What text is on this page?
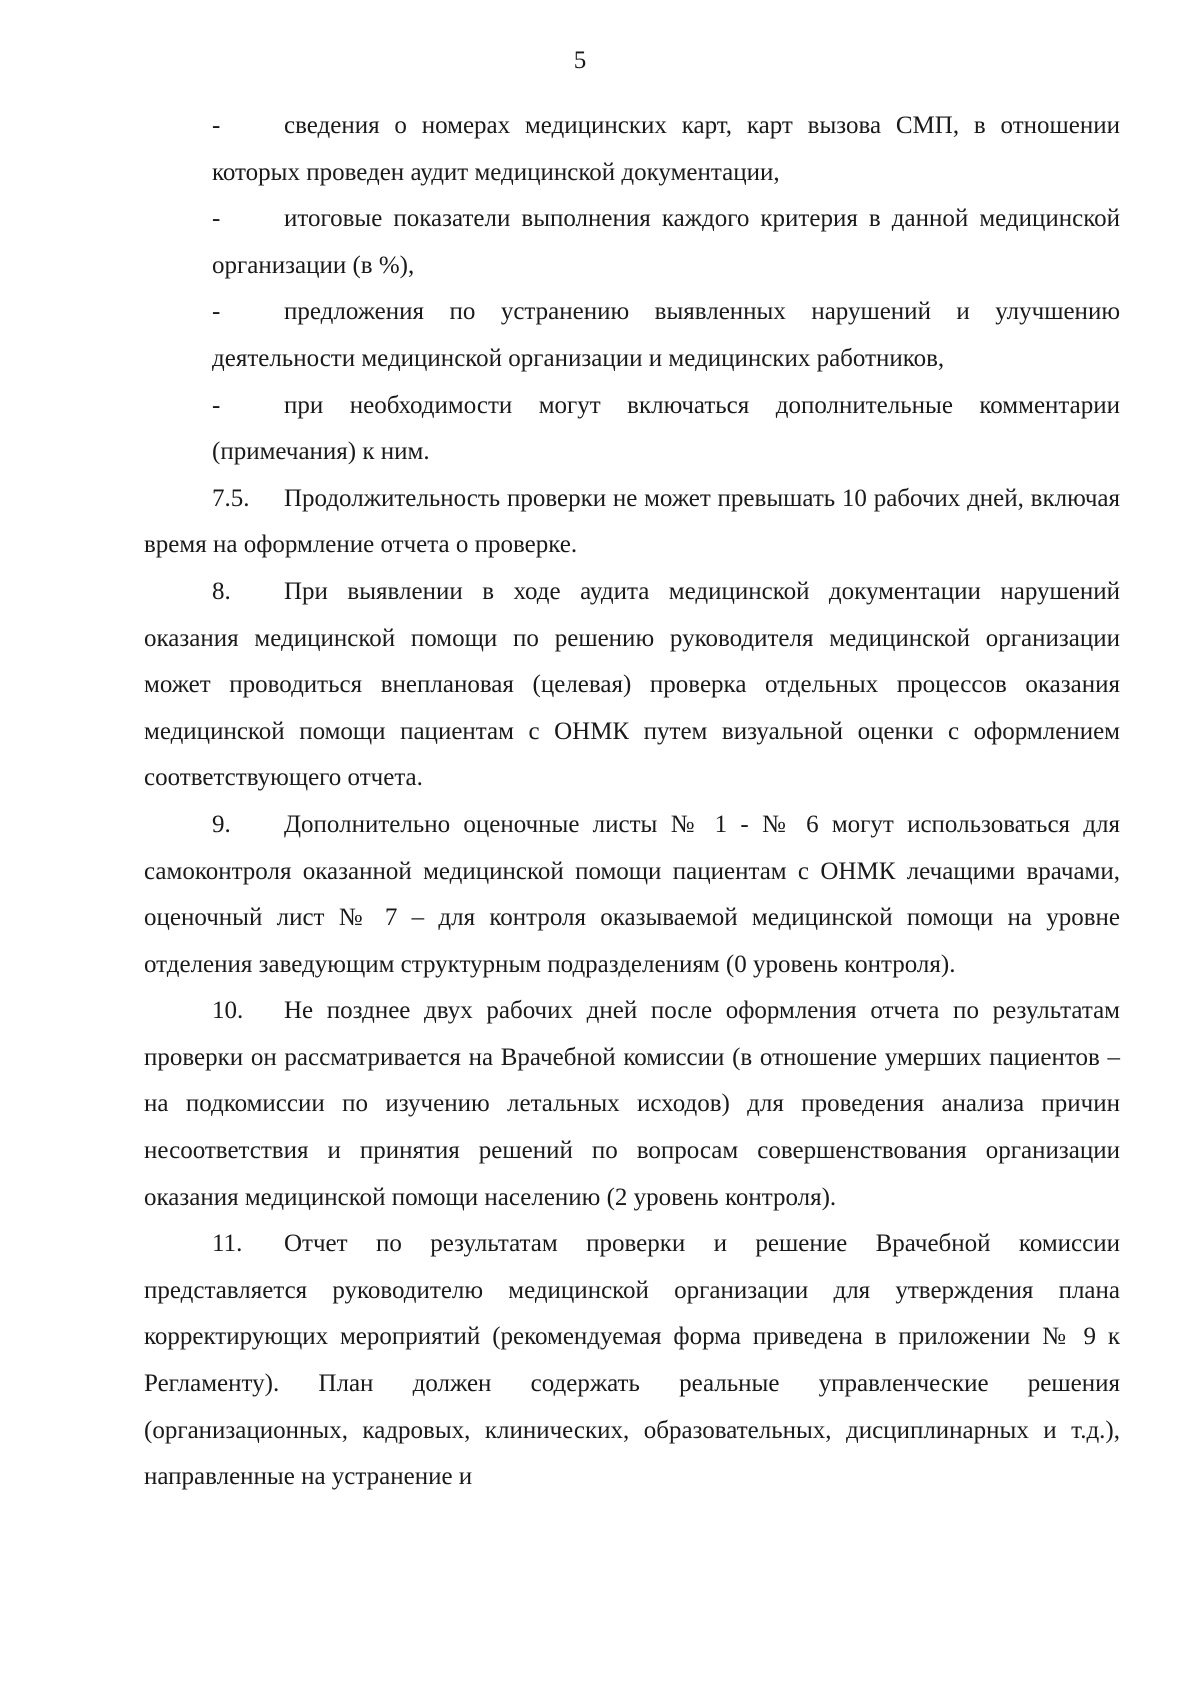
5

-	сведения о номерах медицинских карт, карт вызова СМП, в отношении которых проведен аудит медицинской документации,

-	итоговые показатели выполнения каждого критерия в данной медицинской организации (в %),

-	предложения по устранению выявленных нарушений и улучшению деятельности медицинской организации и медицинских работников,

-	при необходимости могут включаться дополнительные комментарии (примечания) к ним.

7.5. Продолжительность проверки не может превышать 10 рабочих дней, включая время на оформление отчета о проверке.

8. При выявлении в ходе аудита медицинской документации нарушений оказания медицинской помощи по решению руководителя медицинской организации может проводиться внеплановая (целевая) проверка отдельных процессов оказания медицинской помощи пациентам с ОНМК путем визуальной оценки с оформлением соответствующего отчета.

9. Дополнительно оценочные листы № 1 - № 6 могут использоваться для самоконтроля оказанной медицинской помощи пациентам с ОНМК лечащими врачами, оценочный лист № 7 – для контроля оказываемой медицинской помощи на уровне отделения заведующим структурным подразделениям (0 уровень контроля).

10. Не позднее двух рабочих дней после оформления отчета по результатам проверки он рассматривается на Врачебной комиссии (в отношение умерших пациентов – на подкомиссии по изучению летальных исходов) для проведения анализа причин несоответствия и принятия решений по вопросам совершенствования организации оказания медицинской помощи населению (2 уровень контроля).

11. Отчет по результатам проверки и решение Врачебной комиссии представляется руководителю медицинской организации для утверждения плана корректирующих мероприятий (рекомендуемая форма приведена в приложении № 9 к Регламенту). План должен содержать реальные управленческие решения (организационных, кадровых, клинических, образовательных, дисциплинарных и т.д.), направленные на устранение и
